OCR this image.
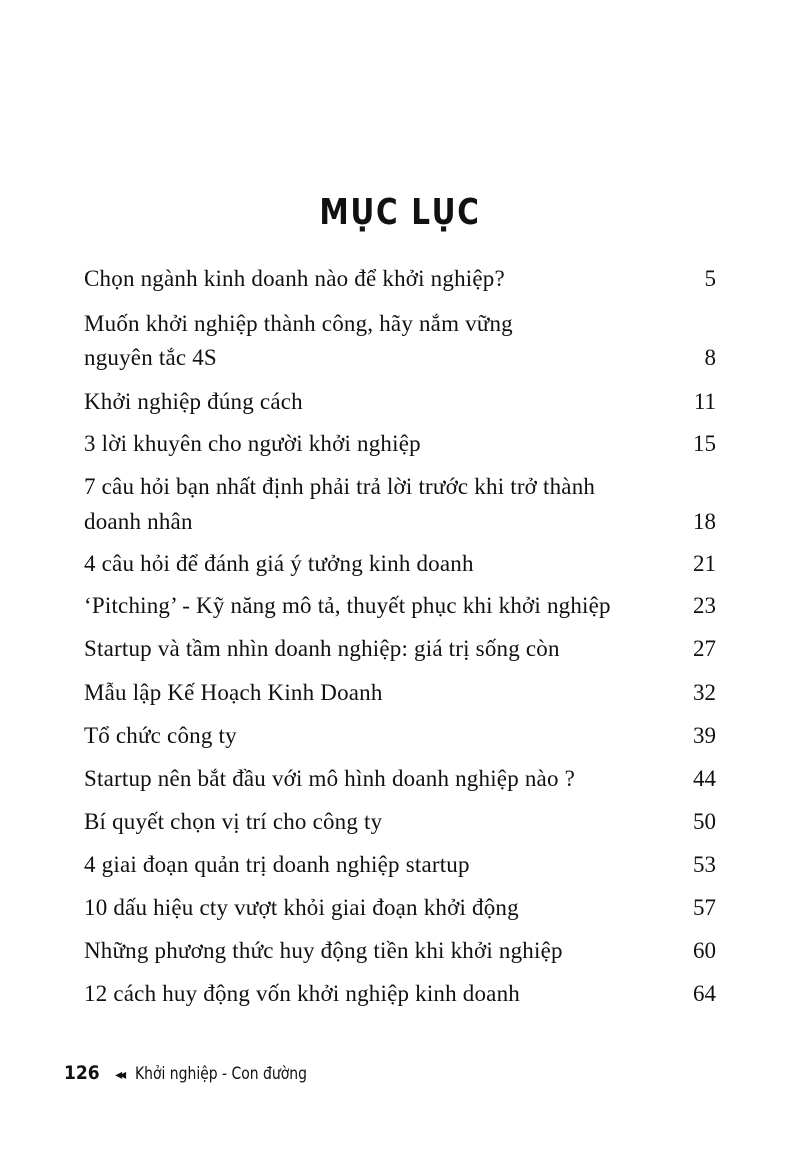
MỤC LỤC
Chọn ngành kinh doanh nào để khởi nghiệp?	5
Muốn khởi nghiệp thành công, hãy nắm vững
nguyên tắc 4S	8
Khởi nghiệp đúng cách	11
3 lời khuyên cho người khởi nghiệp	15
7 câu hỏi bạn nhất định phải trả lời trước khi trở thành
doanh nhân	18
4 câu hỏi để đánh giá ý tưởng kinh doanh	21
‘Pitching’ - Kỹ năng mô tả, thuyết phục khi khởi nghiệp	23
Startup và tầm nhìn doanh nghiệp: giá trị sống còn	27
Mẫu lập Kế Hoạch Kinh Doanh	32
Tổ chức công ty	39
Startup nên bắt đầu với mô hình doanh nghiệp nào ?	44
Bí quyết chọn vị trí cho công ty	50
4 giai đoạn quản trị doanh nghiệp startup	53
10 dấu hiệu cty vượt khỏi giai đoạn khởi động	57
Những phương thức huy động tiền khi khởi nghiệp	60
12 cách huy động vốn khởi nghiệp kinh doanh	64
126 ◂◂ Khởi nghiệp - Con đường
